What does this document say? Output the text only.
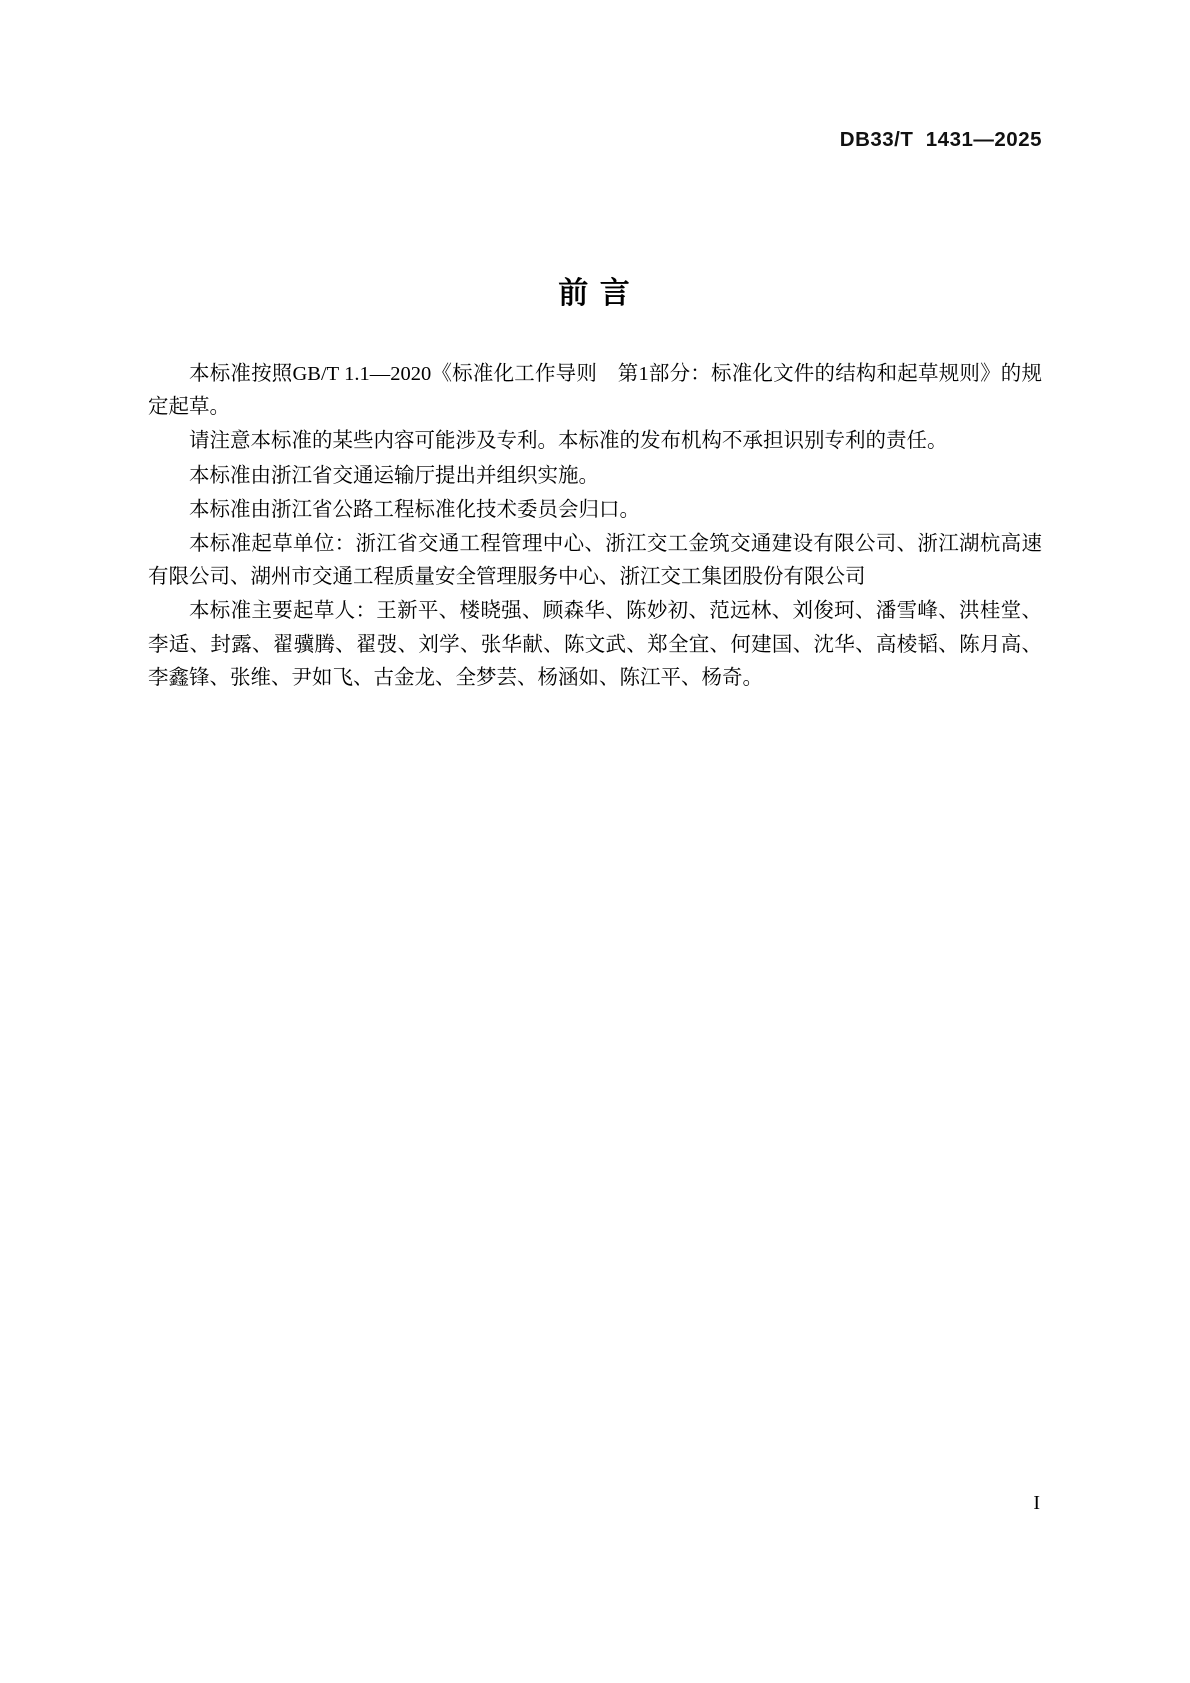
DB33/T  1431—2025
前 言

本标准按照GB/T 1.1—2020《标准化工作导则　第1部分：标准化文件的结构和起草规则》的规定起草。

请注意本标准的某些内容可能涉及专利。本标准的发布机构不承担识别专利的责任。

本标准由浙江省交通运输厅提出并组织实施。

本标准由浙江省公路工程标准化技术委员会归口。

本标准起草单位：浙江省交通工程管理中心、浙江交工金筑交通建设有限公司、浙江湖杭高速有限公司、湖州市交通工程质量安全管理服务中心、浙江交工集团股份有限公司

本标准主要起草人：王新平、楼晓强、顾森华、陈妙初、范远林、刘俊珂、潘雪峰、洪桂堂、李适、封露、翟骥腾、翟弢、刘学、张华献、陈文武、郑全宜、何建国、沈华、高棱韬、陈月高、李鑫锋、张维、尹如飞、古金龙、全梦芸、杨涵如、陈江平、杨奇。

I
